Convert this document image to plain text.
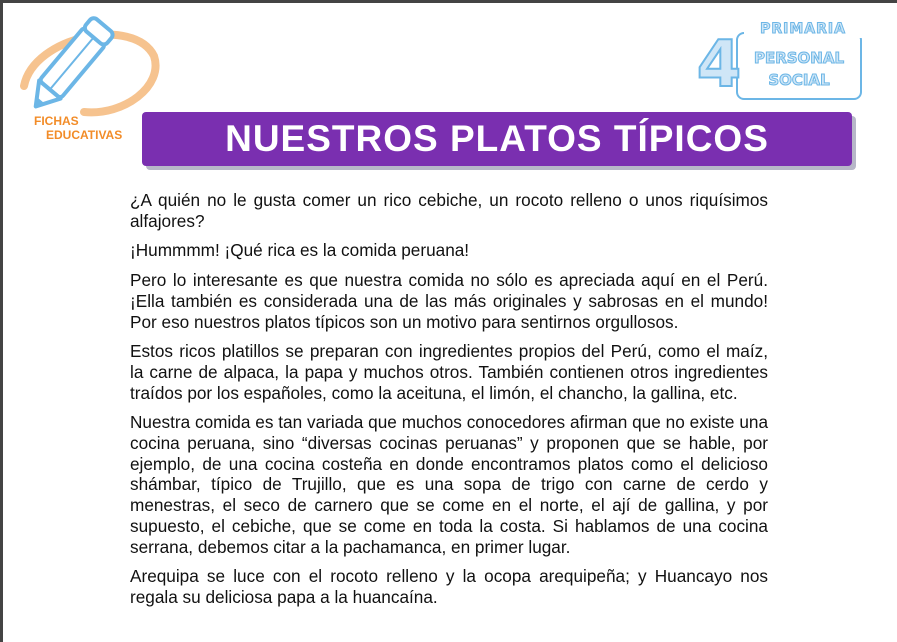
FICHAS
EDUCATIVAS
4	PRIMARIA
PERSONAL
SOCIAL
NUESTROS PLATOS TÍPICOS

¿A quién no le gusta comer un rico cebiche, un rocoto relleno o unos riquísimos alfajores?

¡Hummmm! ¡Qué rica es la comida peruana!

Pero lo interesante es que nuestra comida no sólo es apreciada aquí en el Perú. ¡Ella también es considerada una de las más originales y sabrosas en el mundo! Por eso nuestros platos típicos son un motivo para sentirnos orgullosos.

Estos ricos platillos se preparan con ingredientes propios del Perú, como el maíz, la carne de alpaca, la papa y muchos otros. También contienen otros ingredientes traídos por los españoles, como la aceituna, el limón, el chancho, la gallina, etc.

Nuestra comida es tan variada que muchos conocedores afirman que no existe una cocina peruana, sino “diversas cocinas peruanas” y proponen que se hable, por ejemplo, de una cocina costeña en donde encontramos platos como el delicioso shámbar, típico de Trujillo, que es una sopa de trigo con carne de cerdo y menestras, el seco de carnero que se come en el norte, el ají de gallina, y por supuesto, el cebiche, que se come en toda la costa. Si hablamos de una cocina serrana, debemos citar a la pachamanca, en primer lugar.

Arequipa se luce con el rocoto relleno y la ocopa arequipeña; y Huancayo nos regala su deliciosa papa a la huancaína.
